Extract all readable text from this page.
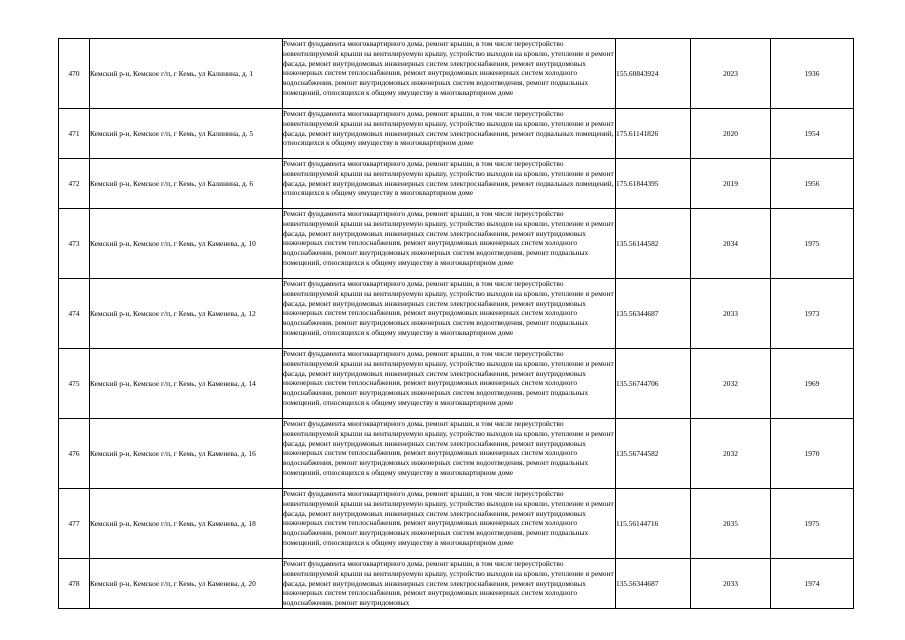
470	Кемский р-н, Кемское г/п, г Кемь, ул Калинина, д. 1	Ремонт фундамента многоквартирного дома, ремонт крыши, в том числе переустройство невентилируемой крыши на вентилируемую крышу, устройство выходов на кровлю, утепление и ремонт фасада, ремонт внутридомовых инженерных систем электроснабжения, ремонт внутридомовых инженерных систем теплоснабжения, ремонт внутридомовых инженерных систем холодного водоснабжения, ремонт внутридомовых инженерных систем водоотведения, ремонт подвальных помещений, относящихся к общему имуществу в многоквартирном доме	155.60843924	2023	1936
471	Кемский р-н, Кемское г/п, г Кемь, ул Калинина, д. 5	Ремонт фундамента многоквартирного дома, ремонт крыши, в том числе переустройство невентилируемой крыши на вентилируемую крышу, устройство выходов на кровлю, утепление и ремонт фасада, ремонт внутридомовых инженерных систем электроснабжения, ремонт подвальных помещений, относящихся к общему имуществу в многоквартирном доме	175.61141826	2020	1954
472	Кемский р-н, Кемское г/п, г Кемь, ул Калинина, д. 6	Ремонт фундамента многоквартирного дома, ремонт крыши, в том числе переустройство невентилируемой крыши на вентилируемую крышу, устройство выходов на кровлю, утепление и ремонт фасада, ремонт внутридомовых инженерных систем электроснабжения, ремонт подвальных помещений, относящихся к общему имуществу в многоквартирном доме	175.61844395	2019	1956
473	Кемский р-н, Кемское г/п, г Кемь, ул Каменева, д. 10	Ремонт фундамента многоквартирного дома, ремонт крыши, в том числе переустройство невентилируемой крыши на вентилируемую крышу, устройство выходов на кровлю, утепление и ремонт фасада, ремонт внутридомовых инженерных систем электроснабжения, ремонт внутридомовых инженерных систем теплоснабжения, ремонт внутридомовых инженерных систем холодного водоснабжения, ремонт внутридомовых инженерных систем водоотведения, ремонт подвальных помещений, относящихся к общему имуществу в многоквартирном доме	135.56144582	2034	1975
474	Кемский р-н, Кемское г/п, г Кемь, ул Каменева, д. 12	Ремонт фундамента многоквартирного дома, ремонт крыши, в том числе переустройство невентилируемой крыши на вентилируемую крышу, устройство выходов на кровлю, утепление и ремонт фасада, ремонт внутридомовых инженерных систем электроснабжения, ремонт внутридомовых инженерных систем теплоснабжения, ремонт внутридомовых инженерных систем холодного водоснабжения, ремонт внутридомовых инженерных систем водоотведения, ремонт подвальных помещений, относящихся к общему имуществу в многоквартирном доме	135.56344687	2033	1973
475	Кемский р-н, Кемское г/п, г Кемь, ул Каменева, д. 14	Ремонт фундамента многоквартирного дома, ремонт крыши, в том числе переустройство невентилируемой крыши на вентилируемую крышу, устройство выходов на кровлю, утепление и ремонт фасада, ремонт внутридомовых инженерных систем электроснабжения, ремонт внутридомовых инженерных систем теплоснабжения, ремонт внутридомовых инженерных систем холодного водоснабжения, ремонт внутридомовых инженерных систем водоотведения, ремонт подвальных помещений, относящихся к общему имуществу в многоквартирном доме	135.56744706	2032	1969
476	Кемский р-н, Кемское г/п, г Кемь, ул Каменева, д. 16	Ремонт фундамента многоквартирного дома, ремонт крыши, в том числе переустройство невентилируемой крыши на вентилируемую крышу, устройство выходов на кровлю, утепление и ремонт фасада, ремонт внутридомовых инженерных систем электроснабжения, ремонт внутридомовых инженерных систем теплоснабжения, ремонт внутридомовых инженерных систем холодного водоснабжения, ремонт внутридомовых инженерных систем водоотведения, ремонт подвальных помещений, относящихся к общему имуществу в многоквартирном доме	135.56744582	2032	1970
477	Кемский р-н, Кемское г/п, г Кемь, ул Каменева, д. 18	Ремонт фундамента многоквартирного дома, ремонт крыши, в том числе переустройство невентилируемой крыши на вентилируемую крышу, устройство выходов на кровлю, утепление и ремонт фасада, ремонт внутридомовых инженерных систем электроснабжения, ремонт внутридомовых инженерных систем теплоснабжения, ремонт внутридомовых инженерных систем холодного водоснабжения, ремонт внутридомовых инженерных систем водоотведения, ремонт подвальных помещений, относящихся к общему имуществу в многоквартирном доме	115.56144716	2035	1975
478	Кемский р-н, Кемское г/п, г Кемь, ул Каменева, д. 20	Ремонт фундамента многоквартирного дома, ремонт крыши, в том числе переустройство невентилируемой крыши на вентилируемую крышу, устройство выходов на кровлю, утепление и ремонт фасада, ремонт внутридомовых инженерных систем электроснабжения, ремонт внутридомовых инженерных систем теплоснабжения, ремонт внутридомовых инженерных систем холодного водоснабжения, ремонт внутридомовых	135.56344687	2033	1974
